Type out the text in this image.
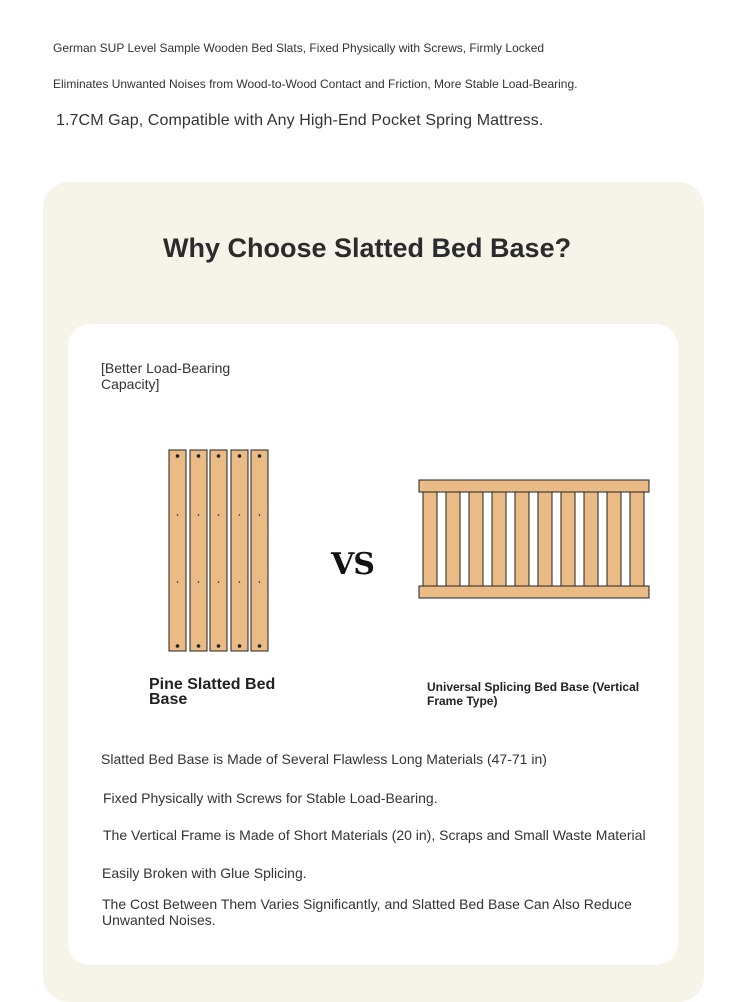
German SUP Level Sample Wooden Bed Slats, Fixed Physically with Screws, Firmly Locked
Eliminates Unwanted Noises from Wood-to-Wood Contact and Friction, More Stable Load-Bearing.
1.7CM Gap, Compatible with Any High-End Pocket Spring Mattress.
Why Choose Slatted Bed Base?
[Better Load-Bearing Capacity]
VS
Pine Slatted Bed Base
Universal Splicing Bed Base (Vertical Frame Type)
Slatted Bed Base is Made of Several Flawless Long Materials (47-71 in)
Fixed Physically with Screws for Stable Load-Bearing.
The Vertical Frame is Made of Short Materials (20 in), Scraps and Small Waste Material
Easily Broken with Glue Splicing.
The Cost Between Them Varies Significantly, and Slatted Bed Base Can Also Reduce Unwanted Noises.
